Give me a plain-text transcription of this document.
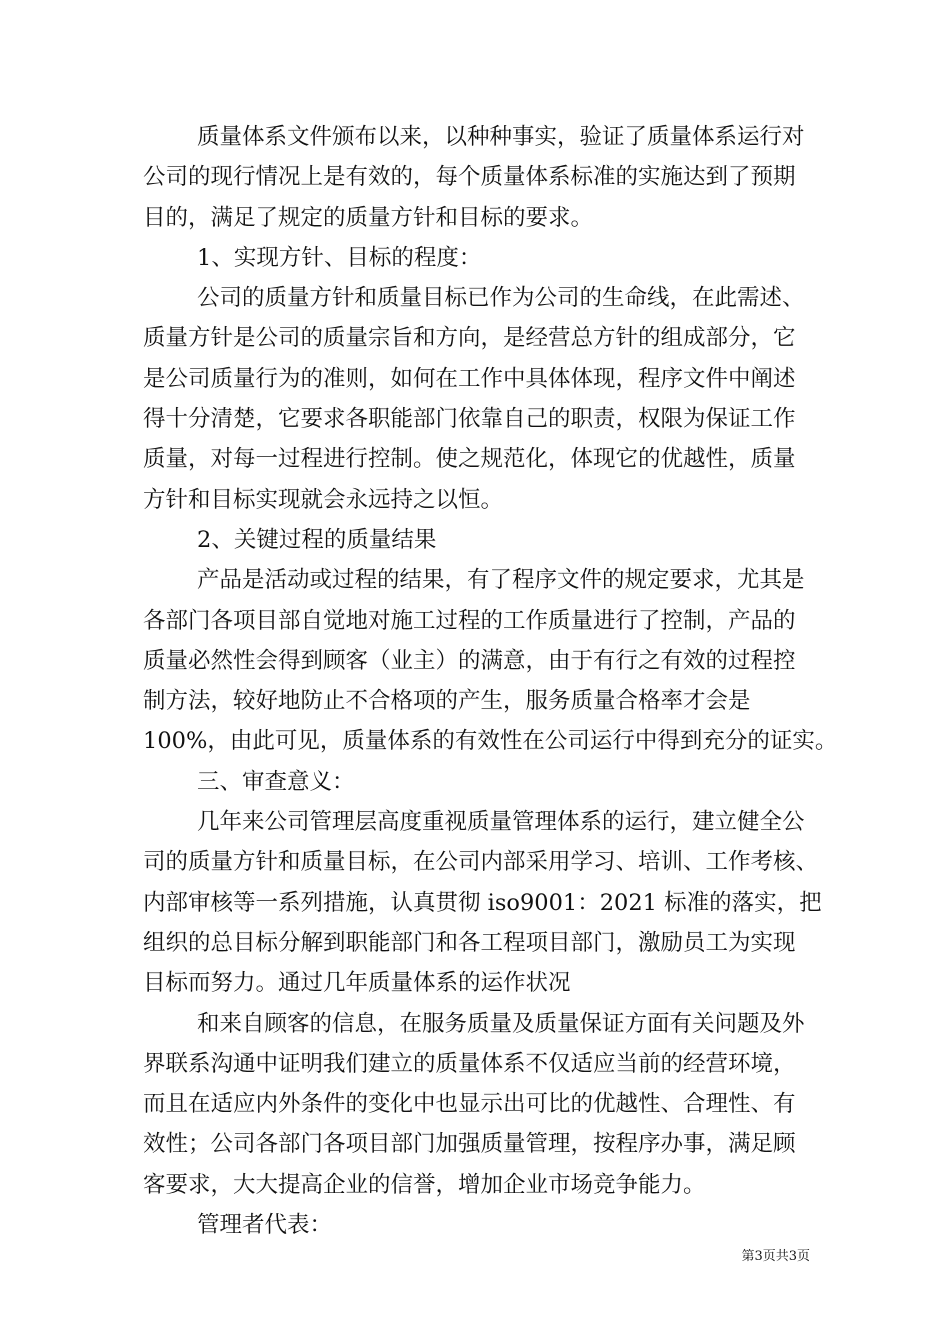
质量体系文件颁布以来，以种种事实，验证了质量体系运行对
公司的现行情况上是有效的，每个质量体系标准的实施达到了预期
目的，满足了规定的质量方针和目标的要求。
1、实现方针、目标的程度：
公司的质量方针和质量目标已作为公司的生命线，在此需述、
质量方针是公司的质量宗旨和方向，是经营总方针的组成部分，它
是公司质量行为的准则，如何在工作中具体体现，程序文件中阐述
得十分清楚，它要求各职能部门依靠自己的职责，权限为保证工作
质量，对每一过程进行控制。使之规范化，体现它的优越性，质量
方针和目标实现就会永远持之以恒。
2、关键过程的质量结果
产品是活动或过程的结果，有了程序文件的规定要求，尤其是
各部门各项目部自觉地对施工过程的工作质量进行了控制，产品的
质量必然性会得到顾客（业主）的满意，由于有行之有效的过程控
制方法，较好地防止不合格项的产生，服务质量合格率才会是
100%，由此可见，质量体系的有效性在公司运行中得到充分的证实。
三、审查意义：
几年来公司管理层高度重视质量管理体系的运行，建立健全公
司的质量方针和质量目标，在公司内部采用学习、培训、工作考核、
内部审核等一系列措施，认真贯彻 iso9001：2021 标准的落实，把
组织的总目标分解到职能部门和各工程项目部门，激励员工为实现
目标而努力。通过几年质量体系的运作状况
和来自顾客的信息，在服务质量及质量保证方面有关问题及外
界联系沟通中证明我们建立的质量体系不仅适应当前的经营环境，
而且在适应内外条件的变化中也显示出可比的优越性、合理性、有
效性；公司各部门各项目部门加强质量管理，按程序办事，满足顾
客要求，大大提高企业的信誉，增加企业市场竞争能力。
管理者代表：
第3页共3页
